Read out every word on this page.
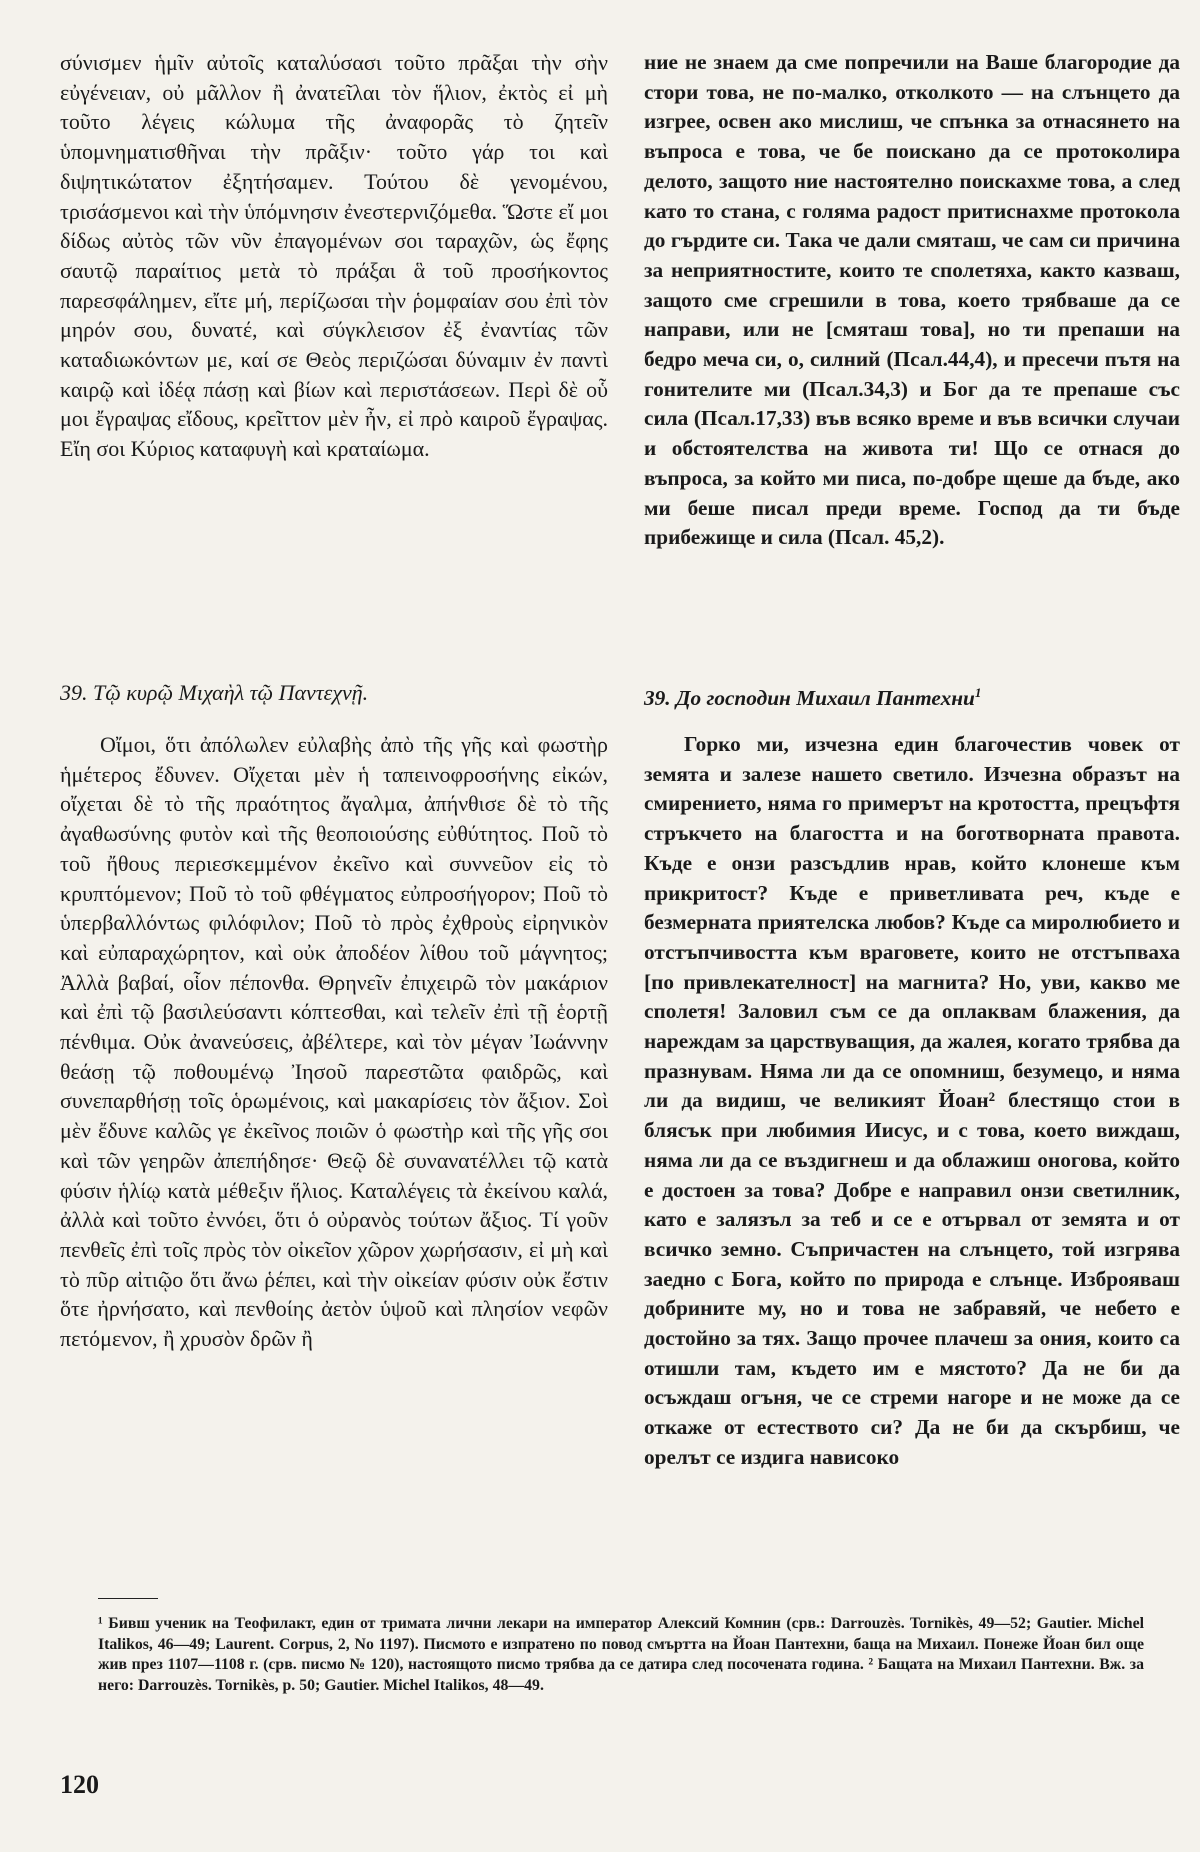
σύνισμεν ἡμῖν αὐτοῖς καταλύσασι τοῦτο πρᾶξαι τὴν σὴν εὐγένειαν, οὐ μᾶλλον ἢ ἀνατεῖλαι τὸν ἥλιον, ἐκτὸς εἰ μὴ τοῦτο λέγεις κώλυμα τῆς ἀναφορᾶς τὸ ζητεῖν ὑπομνηματισθῆναι τὴν πρᾶξιν· τοῦτο γάρ τοι καὶ διψητικώτατον ἐξητήσαμεν. Τούτου δὲ γενομένου, τρισάσμενοι καὶ τὴν ὑπόμνησιν ἐνεστερνιζόμεθα. Ὥστε εἴ μοι δίδως αὐτὸς τῶν νῦν ἐπαγομένων σοι ταραχῶν, ὡς ἔφης σαυτῷ παραίτιος μετὰ τὸ πράξαι ἃ τοῦ προσήκοντος παρεσφάλημεν, εἴτε μή, περίζωσαι τὴν ῥομφαίαν σου ἐπὶ τὸν μηρόν σου, δυνατέ, καὶ σύγκλεισον ἐξ ἐναντίας τῶν καταδιωκόντων με, καί σε Θεὸς περιζώσαι δύναμιν ἐν παντὶ καιρῷ καὶ ἰδέᾳ πάσῃ καὶ βίων καὶ περιστάσεων. Περὶ δὲ οὗ μοι ἔγραψας εἴδους, κρεῖττον μὲν ἦν, εἰ πρὸ καιροῦ ἔγραψας. Εἴη σοι Κύριος καταφυγὴ καὶ κραταίωμα.

39. Τῷ κυρῷ Μιχαὴλ τῷ Παντεχνῇ.

Οἴμοι, ὅτι ἀπόλωλεν εὐλαβὴς ἀπὸ τῆς γῆς καὶ φωστὴρ ἡμέτερος ἔδυνεν. Οἴχεται μὲν ἡ ταπεινοφροσήνης εἰκών, οἴχεται δὲ τὸ τῆς πραότητος ἄγαλμα, ἀπήνθισε δὲ τὸ τῆς ἀγαθωσύνης φυτὸν καὶ τῆς θεοποιούσης εὐθύτητος. Ποῦ τὸ τοῦ ἤθους περιεσκεμμένον ἐκεῖνο καὶ συννεῦον εἰς τὸ κρυπτόμενον; Ποῦ τὸ τοῦ φθέγματος εὐπροσήγορον; Ποῦ τὸ ὑπερβαλλόντως φιλόφιλον; Ποῦ τὸ πρὸς ἐχθροὺς εἰρηνικὸν καὶ εὐπαραχώρητον, καὶ οὐκ ἀποδέον λίθου τοῦ μάγνητος; Ἀλλὰ βαβαί, οἷον πέπονθα. Θρηνεῖν ἐπιχειρῶ τὸν μακάριον καὶ ἐπὶ τῷ βασιλεύσαντι κόπτεσθαι, καὶ τελεῖν ἐπὶ τῇ ἑορτῇ πένθιμα. Οὐκ ἀνανεύσεις, ἀβέλτερε, καὶ τὸν μέγαν Ἰωάννην θεάσῃ τῷ ποθουμένῳ Ἰησοῦ παρεστῶτα φαιδρῶς, καὶ συνεπαρθήσῃ τοῖς ὁρωμένοις, καὶ μακαρίσεις τὸν ἄξιον. Σοὶ μὲν ἔδυνε καλῶς γε ἐκεῖνος ποιῶν ὁ φωστὴρ καὶ τῆς γῆς σοι καὶ τῶν γεηρῶν ἀπεπήδησε· Θεῷ δὲ συνανατέλλει τῷ κατὰ φύσιν ἡλίῳ κατὰ μέθεξιν ἥλιος. Καταλέγεις τὰ ἐκείνου καλά, ἀλλὰ καὶ τοῦτο ἐννόει, ὅτι ὁ οὐρανὸς τούτων ἄξιος. Τί γοῦν πενθεῖς ἐπὶ τοῖς πρὸς τὸν οἰκεῖον χῶρον χωρήσασιν, εἰ μὴ καὶ τὸ πῦρ αἰτιῷο ὅτι ἄνω ῥέπει, καὶ τὴν οἰκείαν φύσιν οὐκ ἔστιν ὅτε ἠρνήσατο, καὶ πενθοίης ἀετὸν ὑψοῦ καὶ πλησίον νεφῶν πετόμενον, ἢ χρυσὸν δρῶν ἢ

ние не знаем да сме попречили на Ваше благородие да стори това, не по-малко, отколкото — на слънцето да изгрее, освен ако мислиш, че спънка за отнасянето на въпроса е това, че бе поискано да се протоколира делото, защото ние настоятелно поискахме това, а след като то стана, с голяма радост притиснахме протокола до гърдите си. Така че дали смяташ, че сам си причина за неприятностите, които те сполетяха, както казваш, защото сме сгрешили в това, което трябваше да се направи, или не [смяташ това], но ти препаши на бедро меча си, о, силний (Псал.44,4), и пресечи пътя на гонителите ми (Псал.34,3) и Бог да те препаше със сила (Псал.17,33) във всяко време и във всички случаи и обстоятелства на живота ти! Що се отнася до въпроса, за който ми писа, по-добре щеше да бъде, ако ми беше писал преди време. Господ да ти бъде прибежище и сила (Псал. 45,2).

39. До господин Михаил Пантехни$^1$

Горко ми, изчезна един благочестив човек от земята и залезе нашето светило. Изчезна образът на смирението, няма го примерът на кротостта, прецъфтя стръкчето на благостта и на боготворната правота. Къде е онзи разсъдлив нрав, който клонеше към прикритост? Къде е приветливата реч, къде е безмерната приятелска любов? Къде са миролюбието и отстъпчивостта към враговете, които не отстъпваха [по привлекателност] на магнита? Но, уви, какво ме сполетя! Заловил съм се да оплаквам блажения, да нареждам за царствуващия, да жалея, когато трябва да празнувам. Няма ли да се опомниш, безумецо, и няма ли да видиш, че великият Йоан² блестящо стои в блясък при любимия Иисус, и с това, което виждаш, няма ли да се въздигнеш и да облажиш оногова, който е достоен за това? Добре е направил онзи светилник, като е залязъл за теб и се е отървал от земята и от всичко земно. Съпричастен на слънцето, той изгрява заедно с Бога, който по природа е слънце. Изброяваш добрините му, но и това не забравяй, че небето е достойно за тях. Защо прочее плачеш за ония, които са отишли там, където им е мястото? Да не би да осъждаш огъня, че се стреми нагоре и не може да се откаже от естеството си? Да не би да скърбиш, че орелът се издига нависоко

¹ Бивш ученик на Теофилакт, един от тримата лични лекари на император Алексий Комнин (срв.: Darrouzès. Tornikès, 49—52; Gautier. Michel Italikos, 46—49; Laurent. Corpus, 2, No 1197). Писмото е изпратено по повод смъртта на Йоан Пантехни, баща на Михаил. Понеже Йоан бил още жив през 1107—1108 г. (срв. писмо № 120), настоящото писмо трябва да се датира след посочената година. ² Бащата на Михаил Пантехни. Вж. за него: Darrouzès. Tornikès, p. 50; Gautier. Michel Italikos, 48—49.

120
